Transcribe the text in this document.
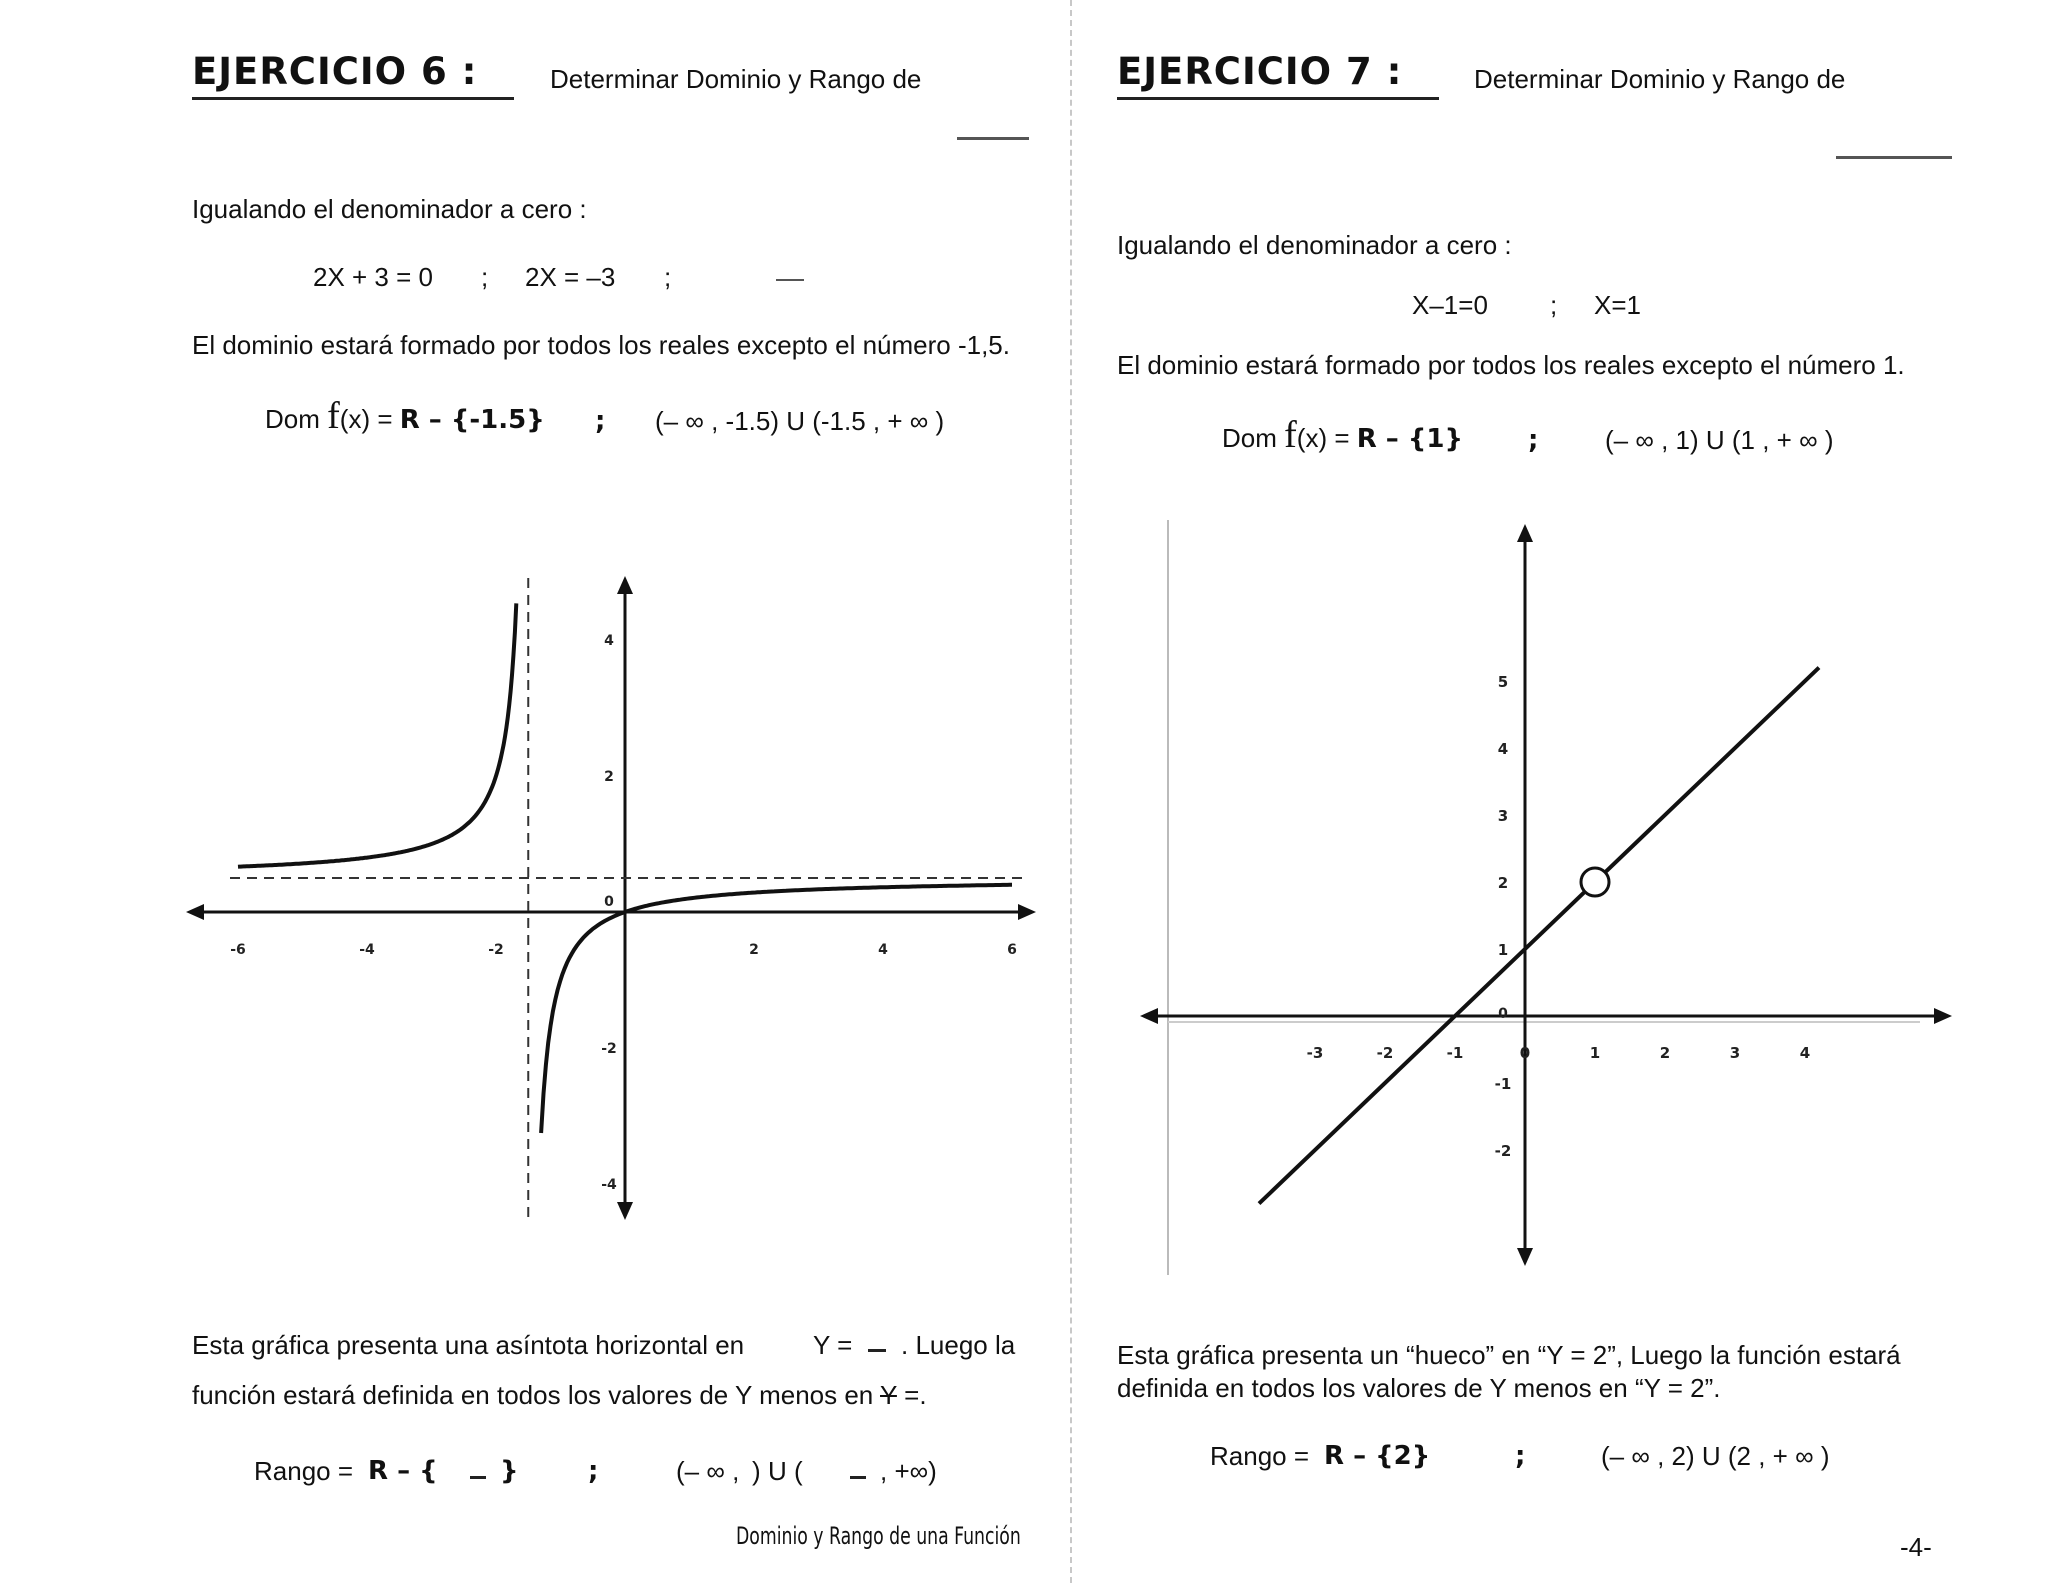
EJERCICIO 6 :	Determinar Dominio y Rango de
Igualando el denominador a cero :
2X + 3 = 0 ; 2X = –3 ;
El dominio estará formado por todos los reales excepto el número -1,5.
Dom f(x) = R – {-1.5} ; (– ∞ , -1.5) U (-1.5 , + ∞ )
-6	-4	-2	2	4	6
4
2
0
-2
-4
Esta gráfica presenta una asíntota horizontal en	Y = . Luego la
función estará definida en todos los valores de Y menos en Y =.
Rango = R – { }	;	(– ∞ , ) U (	, +∞)
Dominio y Rango de una Función
EJERCICIO 7 :	Determinar Dominio y Rango de
Igualando el denominador a cero :
X–1=0 ; X=1
El dominio estará formado por todos los reales excepto el número 1.
Dom f(x) = R – {1}	;	(– ∞ , 1) U (1 , + ∞ )
-3	-2	-1	0	1	2	3	4
5
4
3
2
1
0
-1
-2
Esta gráfica presenta un “hueco” en “Y = 2”, Luego la función estará
definida en todos los valores de Y menos en “Y = 2”.
Rango = R – {2}	;	(– ∞ , 2) U (2 , + ∞ )
-4-
